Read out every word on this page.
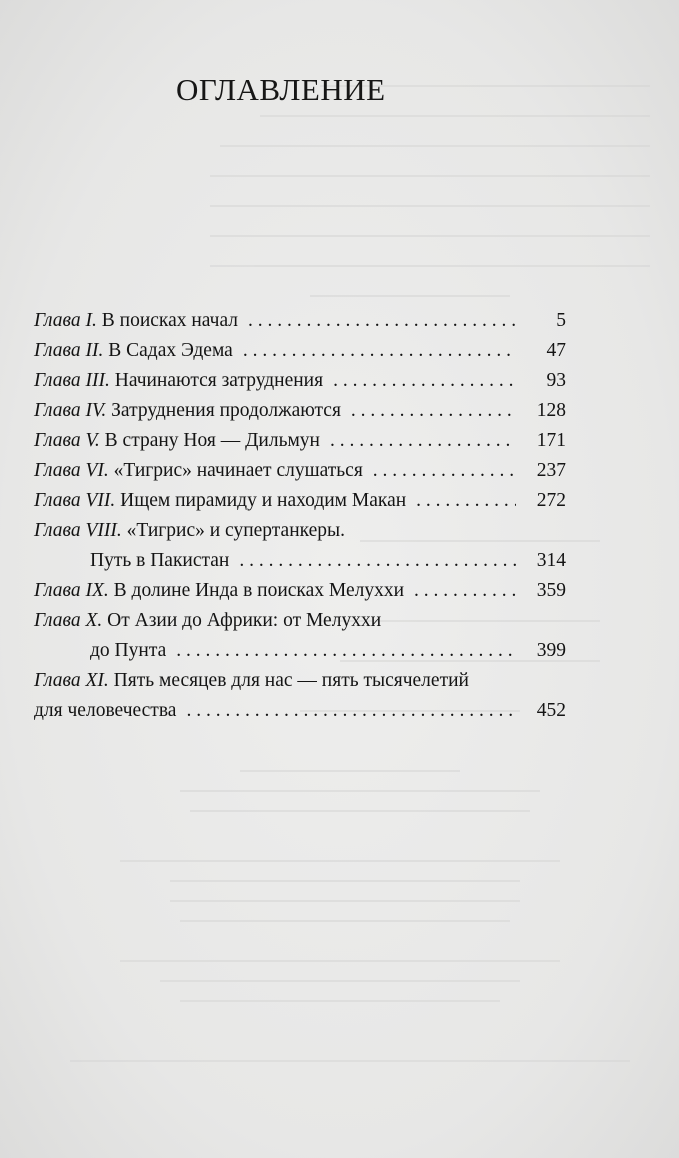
ОГЛАВЛЕНИЕ
Глава I.
В поисках начал . . .	5
Глава II.
В Садах Эдема . . .	47
Глава III.
Начинаются затруднения . . .	93
Глава IV.
Затруднения продолжаются . . .	128
Глава V.
В страну Ноя — Дильмун . . .	171
Глава VI.
«Тигрис» начинает слушаться . . .	237
Глава VII.
Ищем пирамиду и находим Макан . . .	272
Глава VIII.
«Тигрис» и супертанкеры.
Путь в Пакистан . . .	314
Глава IX.
В долине Инда в поисках Мелуххи . . .	359
Глава X.
От Азии до Африки: от Мелуххи
до Пунта . . .	399
Глава XI.
Пять месяцев для нас — пять тысячелетий
для человечества . . .	452
